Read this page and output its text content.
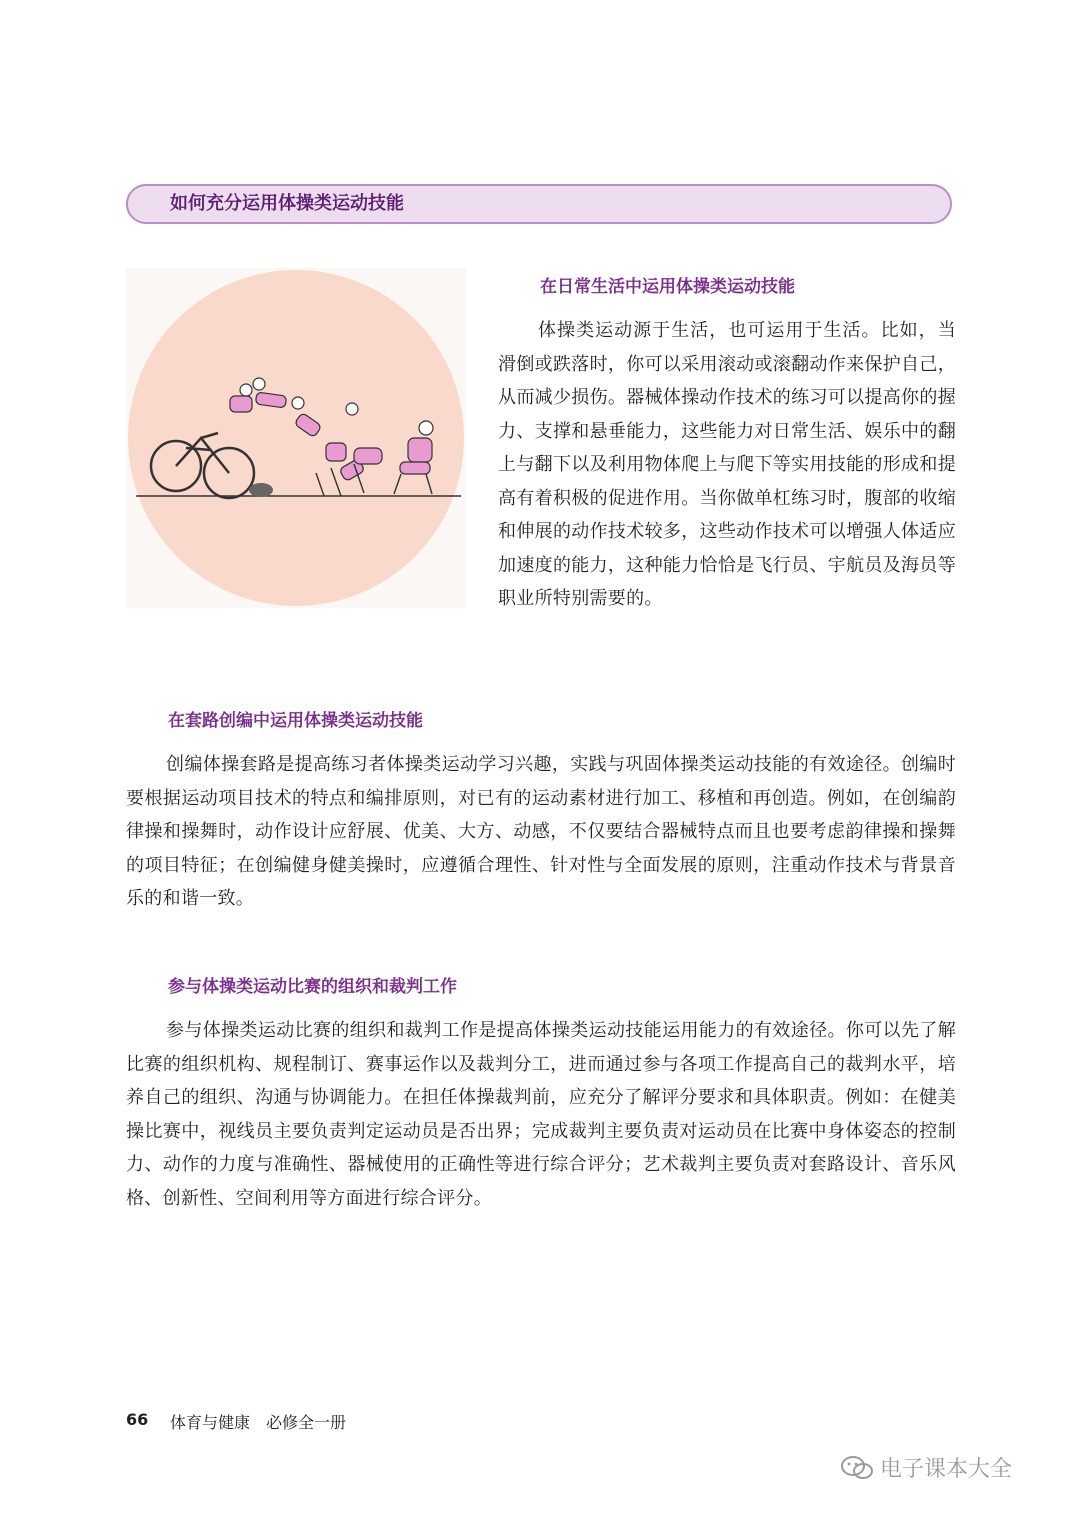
如何充分运用体操类运动技能
在日常生活中运用体操类运动技能

体操类运动源于生活，也可运用于生活。比如，当滑倒或跌落时，你可以采用滚动或滚翻动作来保护自己，从而减少损伤。器械体操动作技术的练习可以提高你的握力、支撑和悬垂能力，这些能力对日常生活、娱乐中的翻上与翻下以及利用物体爬上与爬下等实用技能的形成和提高有着积极的促进作用。当你做单杠练习时，腹部的收缩和伸展的动作技术较多，这些动作技术可以增强人体适应加速度的能力，这种能力恰恰是飞行员、宇航员及海员等职业所特别需要的。

在套路创编中运用体操类运动技能

创编体操套路是提高练习者体操类运动学习兴趣，实践与巩固体操类运动技能的有效途径。创编时要根据运动项目技术的特点和编排原则，对已有的运动素材进行加工、移植和再创造。例如，在创编韵律操和操舞时，动作设计应舒展、优美、大方、动感，不仅要结合器械特点而且也要考虑韵律操和操舞的项目特征；在创编健身健美操时，应遵循合理性、针对性与全面发展的原则，注重动作技术与背景音乐的和谐一致。

参与体操类运动比赛的组织和裁判工作

参与体操类运动比赛的组织和裁判工作是提高体操类运动技能运用能力的有效途径。你可以先了解比赛的组织机构、规程制订、赛事运作以及裁判分工，进而通过参与各项工作提高自己的裁判水平，培养自己的组织、沟通与协调能力。在担任体操裁判前，应充分了解评分要求和具体职责。例如：在健美操比赛中，视线员主要负责判定运动员是否出界；完成裁判主要负责对运动员在比赛中身体姿态的控制力、动作的力度与准确性、器械使用的正确性等进行综合评分；艺术裁判主要负责对套路设计、音乐风格、创新性、空间利用等方面进行综合评分。

66 体育与健康　必修全一册
电子课本大全
